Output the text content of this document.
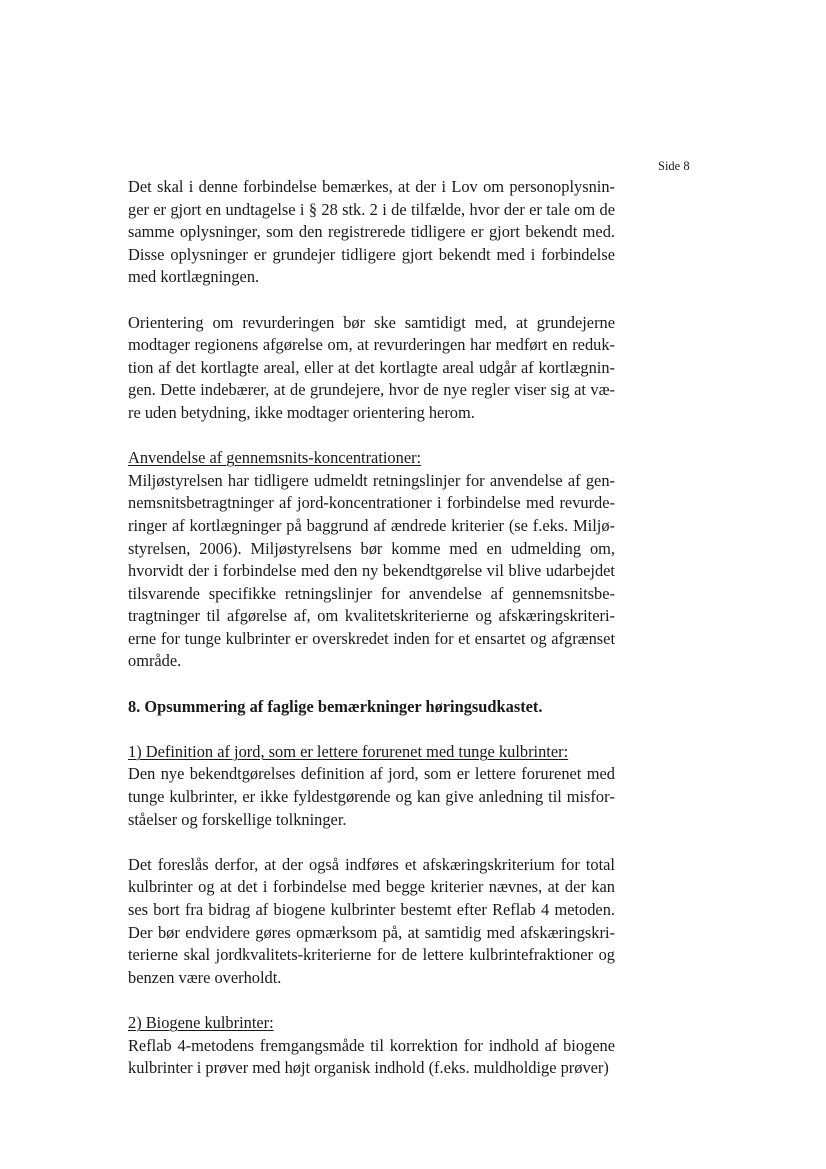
Side 8

Det skal i denne forbindelse bemærkes, at der i Lov om personoplysninger er gjort en undtagelse i § 28 stk. 2 i de tilfælde, hvor der er tale om de samme oplysninger, som den registrerede tidligere er gjort bekendt med. Disse oplysninger er grundejer tidligere gjort bekendt med i forbindelse med kortlægningen.

Orientering om revurderingen bør ske samtidigt med, at grundejerne modtager regionens afgørelse om, at revurderingen har medført en reduktion af det kortlagte areal, eller at det kortlagte areal udgår af kortlægningen. Dette indebærer, at de grundejere, hvor de nye regler viser sig at være uden betydning, ikke modtager orientering herom.

Anvendelse af gennemsnits-koncentrationer:

Miljøstyrelsen har tidligere udmeldt retningslinjer for anvendelse af gennemsnitsbetragtninger af jord-koncentrationer i forbindelse med revurderinger af kortlægninger på baggrund af ændrede kriterier (se f.eks. Miljøstyrelsen, 2006). Miljøstyrelsens bør komme med en udmelding om, hvorvidt der i forbindelse med den ny bekendtgørelse vil blive udarbejdet tilsvarende specifikke retningslinjer for anvendelse af gennemsnitsbetragtninger til afgørelse af, om kvalitetskriterierne og afskæringskriterierne for tunge kulbrinter er overskredet inden for et ensartet og afgrænset område.

8. Opsummering af faglige bemærkninger høringsudkastet.

1) Definition af jord, som er lettere forurenet med tunge kulbrinter:

Den nye bekendtgørelses definition af jord, som er lettere forurenet med tunge kulbrinter, er ikke fyldestgørende og kan give anledning til misforståelser og forskellige tolkninger.

Det foreslås derfor, at der også indføres et afskæringskriterium for total kulbrinter og at det i forbindelse med begge kriterier nævnes, at der kan ses bort fra bidrag af biogene kulbrinter bestemt efter Reflab 4 metoden. Der bør endvidere gøres opmærksom på, at samtidig med afskæringskriterierne skal jordkvalitets-kriterierne for de lettere kulbrintefraktioner og benzen være overholdt.

2) Biogene kulbrinter:

Reflab 4-metodens fremgangsmåde til korrektion for indhold af biogene kulbrinter i prøver med højt organisk indhold (f.eks. muldholdige prøver)
